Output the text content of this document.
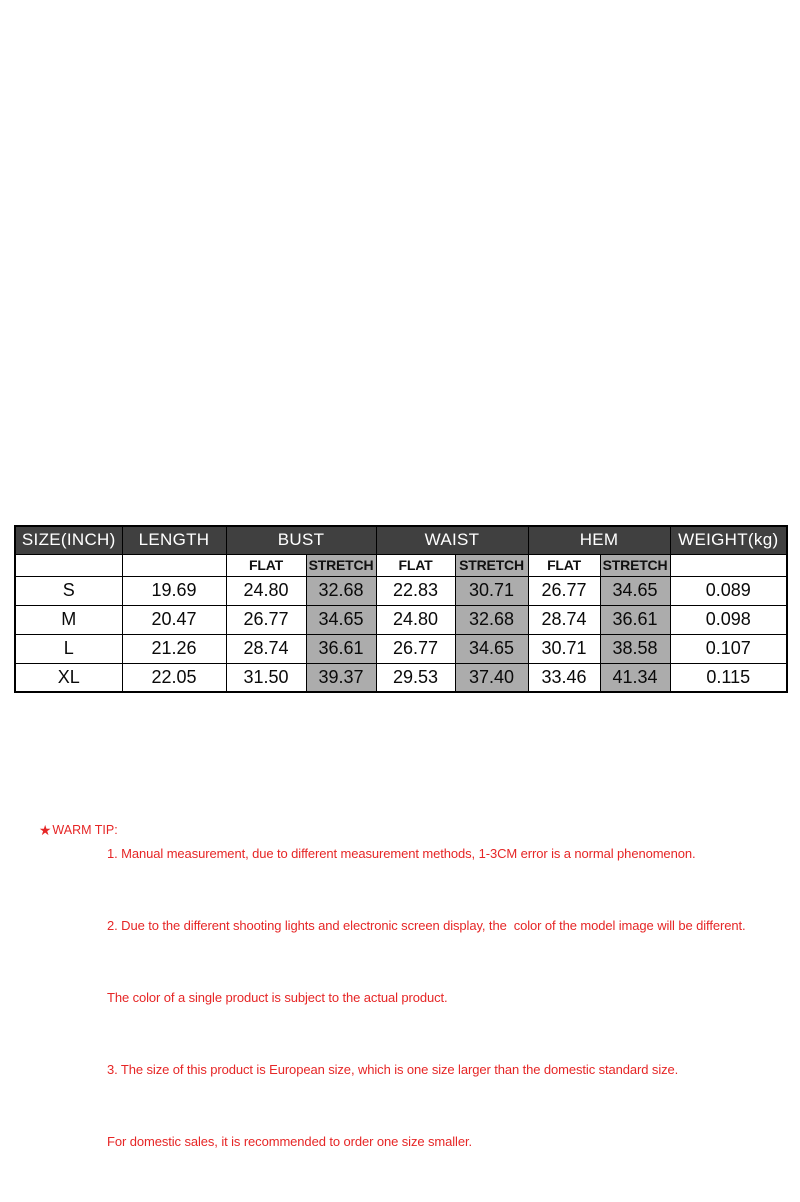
SIZE(INCH)	LENGTH	BUST		WAIST		HEM		WEIGHT(kg)
		FLAT	STRETCH	FLAT	STRETCH	FLAT	STRETCH	
S	19.69	24.80	32.68	22.83	30.71	26.77	34.65	0.089
M	20.47	26.77	34.65	24.80	32.68	28.74	36.61	0.098
L	21.26	28.74	36.61	26.77	34.65	30.71	38.58	0.107
XL	22.05	31.50	39.37	29.53	37.40	33.46	41.34	0.115

★WARM TIP:

1. Manual measurement, due to different measurement methods, 1-3CM error is a normal phenomenon.

2. Due to the different shooting lights and electronic screen display, the  color of the model image will be different.

The color of a single product is subject to the actual product.

3. The size of this product is European size, which is one size larger than the domestic standard size.

For domestic sales, it is recommended to order one size smaller.
